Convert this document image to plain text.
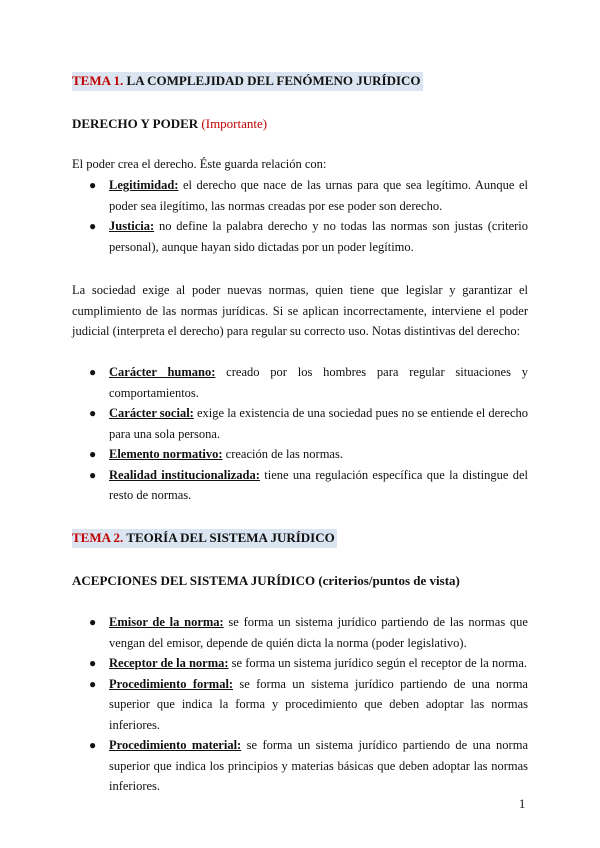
TEMA 1. LA COMPLEJIDAD DEL FENÓMENO JURÍDICO
DERECHO Y PODER (Importante)
El poder crea el derecho. Éste guarda relación con:
● Legitimidad: el derecho que nace de las urnas para que sea legítimo. Aunque el poder sea ilegítimo, las normas creadas por ese poder son derecho.
● Justicia: no define la palabra derecho y no todas las normas son justas (criterio personal), aunque hayan sido dictadas por un poder legítimo.
La sociedad exige al poder nuevas normas, quien tiene que legislar y garantizar el cumplimiento de las normas jurídicas. Si se aplican incorrectamente, interviene el poder judicial (interpreta el derecho) para regular su correcto uso. Notas distintivas del derecho:
● Carácter humano: creado por los hombres para regular situaciones y comportamientos.
● Carácter social: exige la existencia de una sociedad pues no se entiende el derecho para una sola persona.
● Elemento normativo: creación de las normas.
● Realidad institucionalizada: tiene una regulación específica que la distingue del resto de normas.
TEMA 2. TEORÍA DEL SISTEMA JURÍDICO
ACEPCIONES DEL SISTEMA JURÍDICO (criterios/puntos de vista)
● Emisor de la norma: se forma un sistema jurídico partiendo de las normas que vengan del emisor, depende de quién dicta la norma (poder legislativo).
● Receptor de la norma: se forma un sistema jurídico según el receptor de la norma.
● Procedimiento formal: se forma un sistema jurídico partiendo de una norma superior que indica la forma y procedimiento que deben adoptar las normas inferiores.
● Procedimiento material: se forma un sistema jurídico partiendo de una norma superior que indica los principios y materias básicas que deben adoptar las normas inferiores.
1
